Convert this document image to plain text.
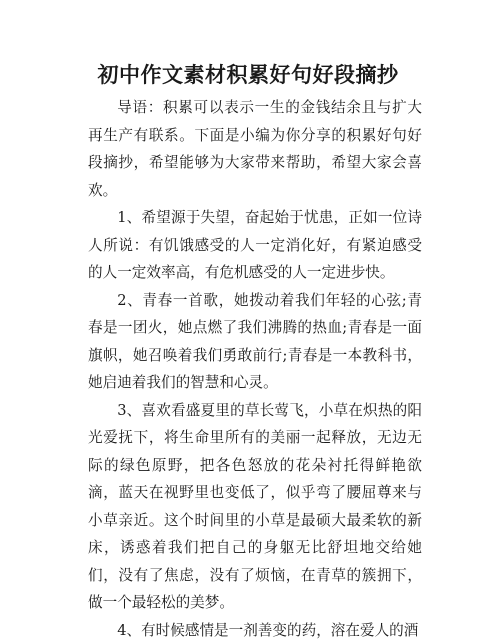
初中作文素材积累好句好段摘抄

导语：积累可以表示一生的金钱结余且与扩大再生产有联系。下面是小编为你分享的积累好句好段摘抄，希望能够为大家带来帮助，希望大家会喜欢。

1、希望源于失望，奋起始于忧患，正如一位诗人所说：有饥饿感受的人一定消化好，有紧迫感受的人一定效率高，有危机感受的人一定进步快。

2、青春一首歌，她拨动着我们年轻的心弦;青春是一团火，她点燃了我们沸腾的热血;青春是一面旗帜，她召唤着我们勇敢前行;青春是一本教科书，她启迪着我们的智慧和心灵。

3、喜欢看盛夏里的草长莺飞，小草在炽热的阳光爱抚下，将生命里所有的美丽一起释放，无边无际的绿色原野，把各色怒放的花朵衬托得鲜艳欲滴，蓝天在视野里也变低了，似乎弯了腰屈尊来与小草亲近。这个时间里的小草是最硕大最柔软的新床，诱惑着我们把自己的身躯无比舒坦地交给她们，没有了焦虑，没有了烦恼，在青草的簇拥下，做一个最轻松的美梦。

4、有时候感情是一剂善变的药，溶在爱人的酒
